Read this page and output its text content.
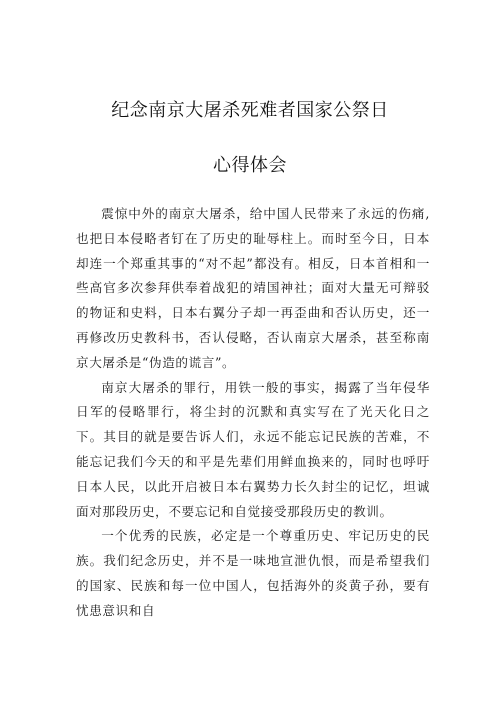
纪念南京大屠杀死难者国家公祭日
心得体会

震惊中外的南京大屠杀，给中国人民带来了永远的伤痛,也把日本侵略者钉在了历史的耻辱柱上。而时至今日，日本却连一个郑重其事的“对不起”都没有。相反，日本首相和一些高官多次参拜供奉着战犯的靖国神社；面对大量无可辩驳的物证和史料，日本右翼分子却一再歪曲和否认历史，还一再修改历史教科书，否认侵略，否认南京大屠杀，甚至称南京大屠杀是“伪造的谎言”。

南京大屠杀的罪行，用铁一般的事实，揭露了当年侵华日军的侵略罪行，将尘封的沉默和真实写在了光天化日之下。其目的就是要告诉人们，永远不能忘记民族的苦难，不能忘记我们今天的和平是先辈们用鲜血换来的，同时也呼吁日本人民，以此开启被日本右翼势力长久封尘的记忆，坦诚面对那段历史，不要忘记和自觉接受那段历史的教训。

一个优秀的民族，必定是一个尊重历史、牢记历史的民族。我们纪念历史，并不是一味地宣泄仇恨，而是希望我们的国家、民族和每一位中国人，包括海外的炎黄子孙，要有忧患意识和自
